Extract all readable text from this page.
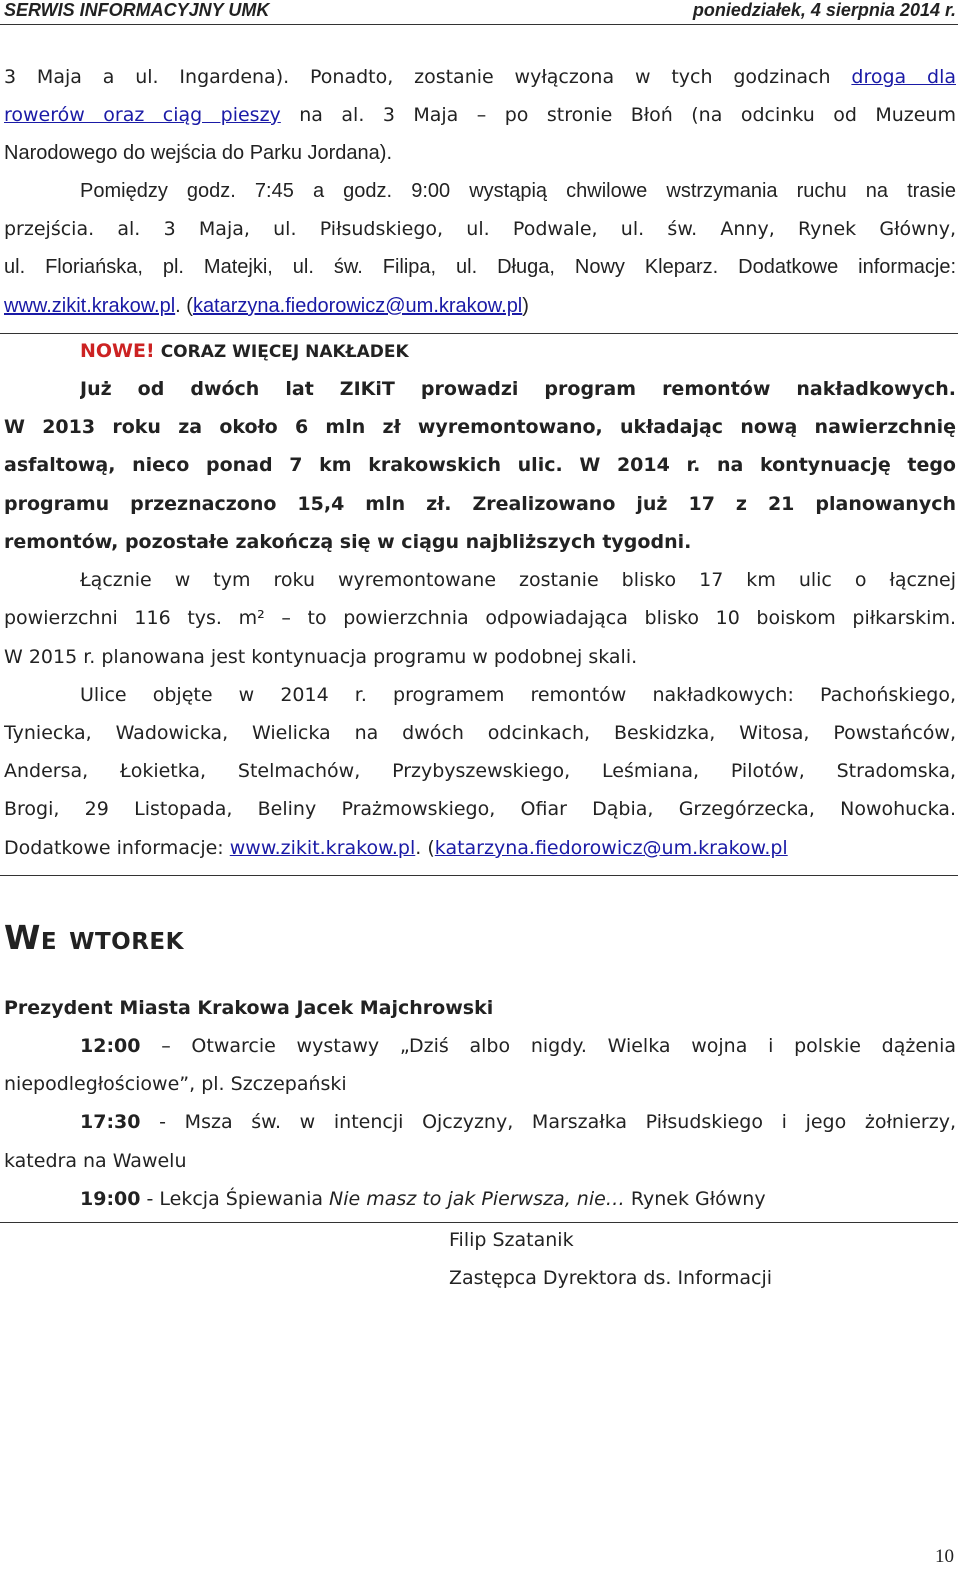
SERWIS INFORMACYJNY UMK	poniedziałek, 4 sierpnia 2014 r.
3 Maja a ul. Ingardena). Ponadto, zostanie wyłączona w tych godzinach droga dla
rowerów oraz ciąg pieszy na al. 3 Maja – po stronie Błoń (na odcinku od Muzeum
Narodowego do wejścia do Parku Jordana).
Pomiędzy godz. 7:45 a godz. 9:00 wystąpią chwilowe wstrzymania ruchu na trasie
przejścia. al. 3 Maja, ul. Piłsudskiego, ul. Podwale, ul. św. Anny, Rynek Główny,
ul. Floriańska, pl. Matejki, ul. św. Filipa, ul. Długa, Nowy Kleparz. Dodatkowe informacje:
www.zikit.krakow.pl. (katarzyna.fiedorowicz@um.krakow.pl)
NOWE! CORAZ WIĘCEJ NAKŁADEK
Już od dwóch lat ZIKiT prowadzi program remontów nakładkowych.
W 2013 roku za około 6 mln zł wyremontowano, układając nową nawierzchnię
asfaltową, nieco ponad 7 km krakowskich ulic. W 2014 r. na kontynuację tego
programu przeznaczono 15,4 mln zł. Zrealizowano już 17 z 21 planowanych
remontów, pozostałe zakończą się w ciągu najbliższych tygodni.
Łącznie w tym roku wyremontowane zostanie blisko 17 km ulic o łącznej
powierzchni 116 tys. m² – to powierzchnia odpowiadająca blisko 10 boiskom piłkarskim.
W 2015 r. planowana jest kontynuacja programu w podobnej skali.
Ulice objęte w 2014 r. programem remontów nakładkowych: Pachońskiego,
Tyniecka, Wadowicka, Wielicka na dwóch odcinkach, Beskidzka, Witosa, Powstańców,
Andersa, Łokietka, Stelmachów, Przybyszewskiego, Leśmiana, Pilotów, Stradomska,
Brogi, 29 Listopada, Beliny Prażmowskiego, Ofiar Dąbia, Grzegórzecka, Nowohucka.
Dodatkowe informacje: www.zikit.krakow.pl. (katarzyna.fiedorowicz@um.krakow.pl
We wtorek
Prezydent Miasta Krakowa Jacek Majchrowski
12:00 – Otwarcie wystawy „Dziś albo nigdy. Wielka wojna i polskie dążenia
niepodległościowe”, pl. Szczepański
17:30 - Msza św. w intencji Ojczyzny, Marszałka Piłsudskiego i jego żołnierzy,
katedra na Wawelu
19:00 - Lekcja Śpiewania Nie masz to jak Pierwsza, nie… Rynek Główny
Filip Szatanik
Zastępca Dyrektora ds. Informacji
10
